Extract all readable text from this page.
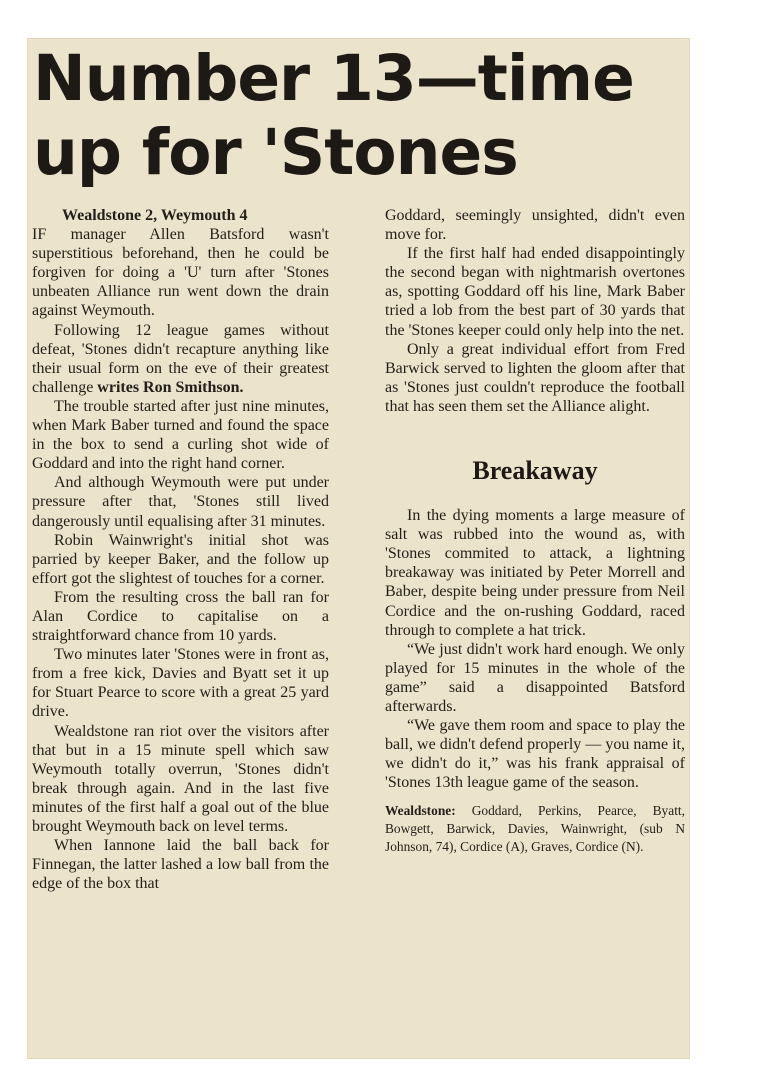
Number 13—time up for 'Stones

Wealdstone 2, Weymouth 4

IF manager Allen Batsford wasn't superstitious beforehand, then he could be forgiven for doing a 'U' turn after 'Stones unbeaten Alliance run went down the drain against Weymouth.

Following 12 league games without defeat, 'Stones didn't recapture anything like their usual form on the eve of their greatest challenge writes Ron Smithson.

The trouble started after just nine minutes, when Mark Baber turned and found the space in the box to send a curling shot wide of Goddard and into the right hand corner.

And although Weymouth were put under pressure after that, 'Stones still lived dangerously until equalising after 31 minutes.

Robin Wainwright's initial shot was parried by keeper Baker, and the follow up effort got the slightest of touches for a corner.

From the resulting cross the ball ran for Alan Cordice to capitalise on a straightforward chance from 10 yards.

Two minutes later 'Stones were in front as, from a free kick, Davies and Byatt set it up for Stuart Pearce to score with a great 25 yard drive.

Wealdstone ran riot over the visitors after that but in a 15 minute spell which saw Weymouth totally overrun, 'Stones didn't break through again. And in the last five minutes of the first half a goal out of the blue brought Weymouth back on level terms.

When Iannone laid the ball back for Finnegan, the latter lashed a low ball from the edge of the box that

Goddard, seemingly unsighted, didn't even move for.

If the first half had ended disappointingly the second began with nightmarish overtones as, spotting Goddard off his line, Mark Baber tried a lob from the best part of 30 yards that the 'Stones keeper could only help into the net.

Only a great individual effort from Fred Barwick served to lighten the gloom after that as 'Stones just couldn't reproduce the football that has seen them set the Alliance alight.

Breakaway

In the dying moments a large measure of salt was rubbed into the wound as, with 'Stones commited to attack, a lightning breakaway was initiated by Peter Morrell and Baber, despite being under pressure from Neil Cordice and the on-rushing Goddard, raced through to complete a hat trick.

“We just didn't work hard enough. We only played for 15 minutes in the whole of the game” said a disappointed Batsford afterwards.

“We gave them room and space to play the ball, we didn't defend properly — you name it, we didn't do it,” was his frank appraisal of 'Stones 13th league game of the season.

Wealdstone: Goddard, Perkins, Pearce, Byatt, Bowgett, Barwick, Davies, Wainwright, (sub N Johnson, 74), Cordice (A), Graves, Cordice (N).
